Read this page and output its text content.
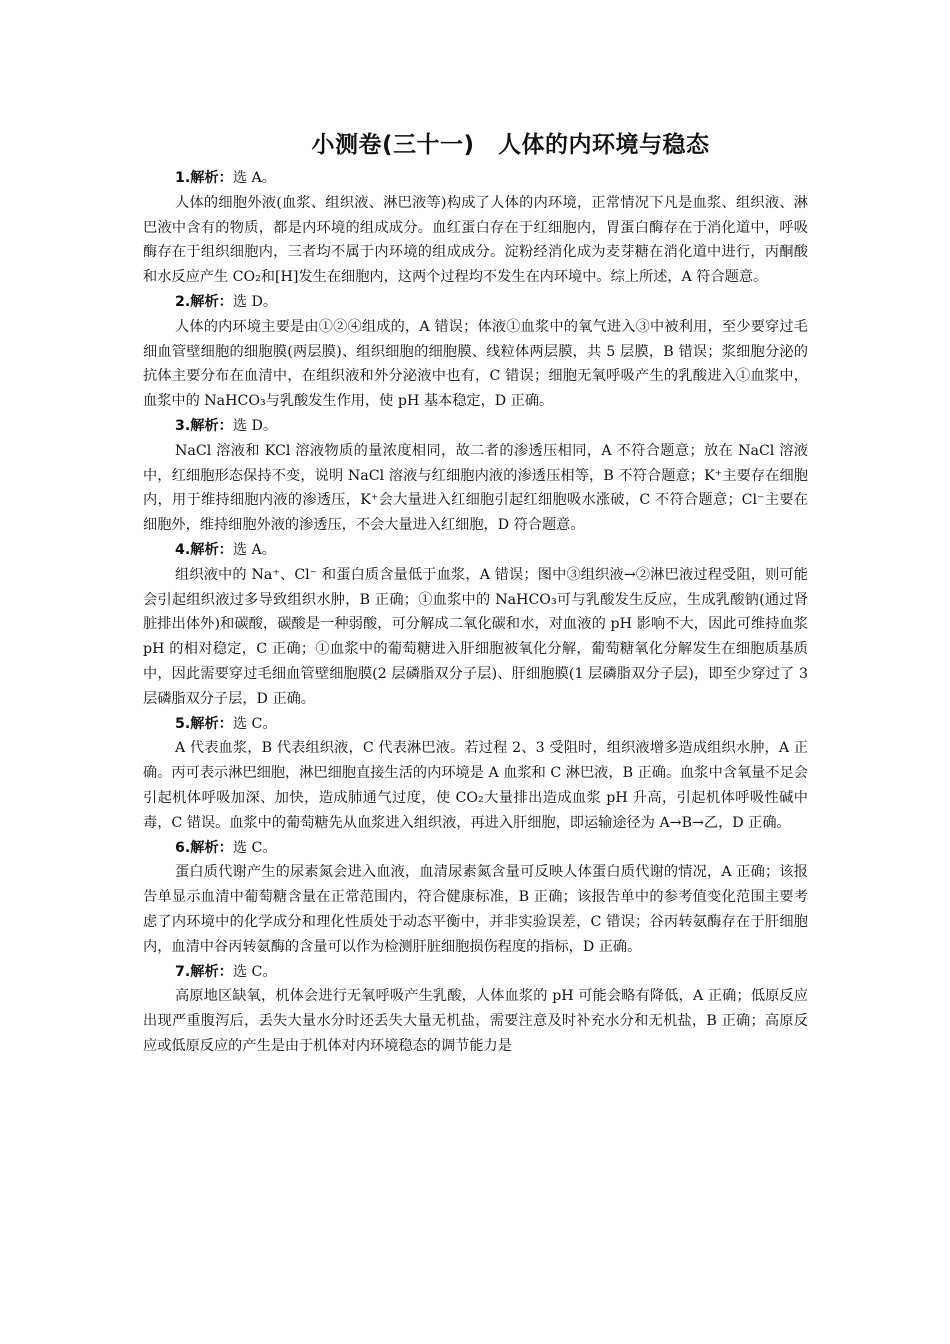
小测卷(三十一)　人体的内环境与稳态

1.解析：选 A。

人体的细胞外液(血浆、组织液、淋巴液等)构成了人体的内环境，正常情况下凡是血浆、组织液、淋巴液中含有的物质，都是内环境的组成成分。血红蛋白存在于红细胞内，胃蛋白酶存在于消化道中，呼吸酶存在于组织细胞内，三者均不属于内环境的组成成分。淀粉经消化成为麦芽糖在消化道中进行，丙酮酸和水反应产生 CO₂和[H]发生在细胞内，这两个过程均不发生在内环境中。综上所述，A 符合题意。

2.解析：选 D。

人体的内环境主要是由①②④组成的，A 错误；体液①血浆中的氧气进入③中被利用，至少要穿过毛细血管壁细胞的细胞膜(两层膜)、组织细胞的细胞膜、线粒体两层膜，共 5 层膜，B 错误；浆细胞分泌的抗体主要分布在血清中，在组织液和外分泌液中也有，C 错误；细胞无氧呼吸产生的乳酸进入①血浆中，血浆中的 NaHCO₃与乳酸发生作用，使 pH 基本稳定，D 正确。

3.解析：选 D。

NaCl 溶液和 KCl 溶液物质的量浓度相同，故二者的渗透压相同，A 不符合题意；放在 NaCl 溶液中，红细胞形态保持不变，说明 NaCl 溶液与红细胞内液的渗透压相等，B 不符合题意；K⁺主要存在细胞内，用于维持细胞内液的渗透压，K⁺会大量进入红细胞引起红细胞吸水涨破，C 不符合题意；Cl⁻主要在细胞外，维持细胞外液的渗透压，不会大量进入红细胞，D 符合题意。

4.解析：选 A。

组织液中的 Na⁺、Cl⁻ 和蛋白质含量低于血浆，A 错误；图中③组织液→②淋巴液过程受阻，则可能会引起组织液过多导致组织水肿，B 正确；①血浆中的 NaHCO₃可与乳酸发生反应，生成乳酸钠(通过肾脏排出体外)和碳酸，碳酸是一种弱酸，可分解成二氧化碳和水，对血液的 pH 影响不大，因此可维持血浆 pH 的相对稳定，C 正确；①血浆中的葡萄糖进入肝细胞被氧化分解，葡萄糖氧化分解发生在细胞质基质中，因此需要穿过毛细血管壁细胞膜(2 层磷脂双分子层)、肝细胞膜(1 层磷脂双分子层)，即至少穿过了 3 层磷脂双分子层，D 正确。

5.解析：选 C。

A 代表血浆，B 代表组织液，C 代表淋巴液。若过程 2、3 受阻时，组织液增多造成组织水肿，A 正确。丙可表示淋巴细胞，淋巴细胞直接生活的内环境是 A 血浆和 C 淋巴液，B 正确。血浆中含氧量不足会引起机体呼吸加深、加快，造成肺通气过度，使 CO₂大量排出造成血浆 pH 升高，引起机体呼吸性碱中毒，C 错误。血浆中的葡萄糖先从血浆进入组织液，再进入肝细胞，即运输途径为 A→B→乙，D 正确。

6.解析：选 C。

蛋白质代谢产生的尿素氮会进入血液，血清尿素氮含量可反映人体蛋白质代谢的情况，A 正确；该报告单显示血清中葡萄糖含量在正常范围内，符合健康标准，B 正确；该报告单中的参考值变化范围主要考虑了内环境中的化学成分和理化性质处于动态平衡中，并非实验误差，C 错误；谷丙转氨酶存在于肝细胞内，血清中谷丙转氨酶的含量可以作为检测肝脏细胞损伤程度的指标，D 正确。

7.解析：选 C。

高原地区缺氧，机体会进行无氧呼吸产生乳酸，人体血浆的 pH 可能会略有降低，A 正确；低原反应出现严重腹泻后，丢失大量水分时还丢失大量无机盐，需要注意及时补充水分和无机盐，B 正确；高原反应或低原反应的产生是由于机体对内环境稳态的调节能力是
